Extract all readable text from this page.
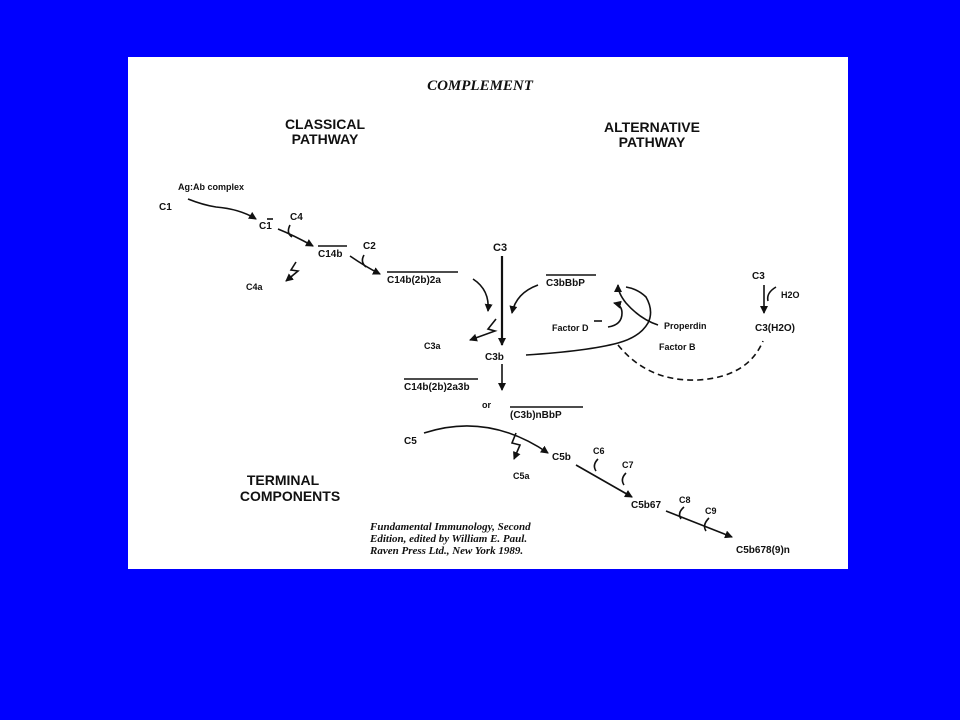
COMPLEMENT
CLASSICAL
PATHWAY
ALTERNATIVE
PATHWAY
TERMINAL
COMPONENTS
Ag:Ab complex
C1
C1
C4
C14b
C2
C4a
C14b(2b)2a
C3
C3a
C3b
C3bBbP
Factor D	Properdin
Factor B
C3
H2O
C3(H2O)
C14b(2b)2a3b
or
(C3b)nBbP
C5
C5a
C5b
C6
C7
C5b67 C8
C9
C5b678(9)n
Fundamental Immunology, Second
Edition, edited by William E. Paul.
Raven Press Ltd., New York 1989.
